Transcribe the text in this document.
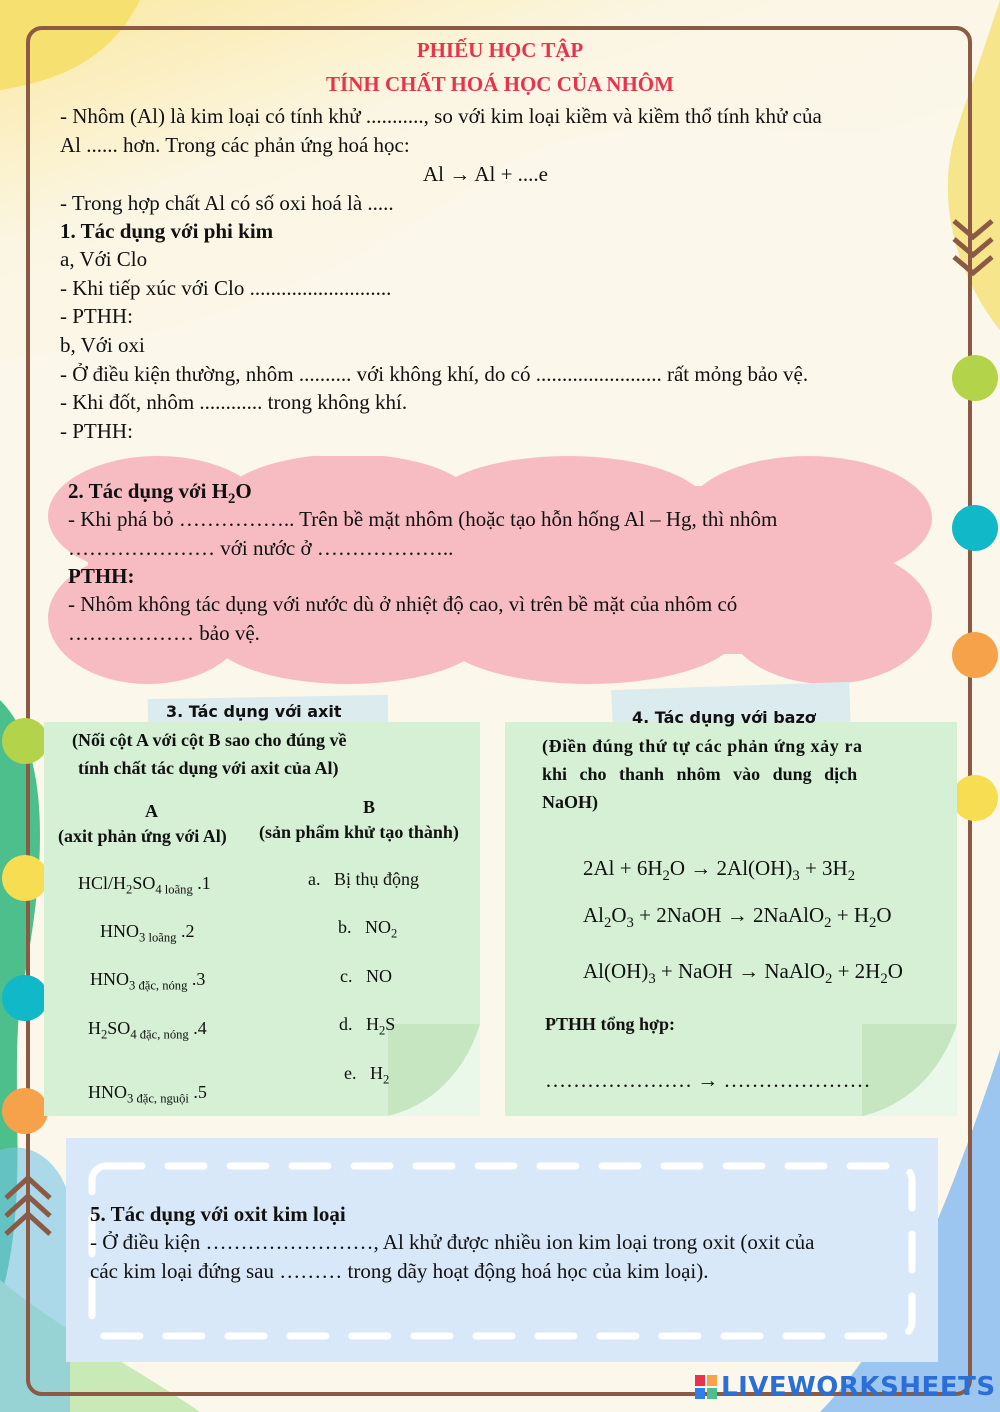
PHIẾU HỌC TẬP
TÍNH CHẤT HOÁ HỌC CỦA NHÔM
- Nhôm (Al) là kim loại có tính khử ..........., so với kim loại kiềm và kiềm thổ tính khử của
Al ...... hơn. Trong các phản ứng hoá học:
Al → Al + ....e
- Trong hợp chất Al có số oxi hoá là .....
1. Tác dụng với phi kim
a, Với Clo
- Khi tiếp xúc với Clo ...........................
- PTHH:
b, Với oxi
- Ở điều kiện thường, nhôm .......... với không khí, do có ........................ rất mỏng bảo vệ.
- Khi đốt, nhôm ............ trong không khí.
- PTHH:
2. Tác dụng với $H_2O$
- Khi phá bỏ …………….. Trên bề mặt nhôm (hoặc tạo hỗn hống Al – Hg, thì nhôm
………………… với nước ở ………………..
PTHH:
- Nhôm không tác dụng với nước dù ở nhiệt độ cao, vì trên bề mặt của nhôm có
……………… bảo vệ.
3. Tác dụng với axit
(Nối cột A với cột B sao cho đúng về
tính chất tác dụng với axit của Al)
A
(axit phản ứng với Al)
B
(sản phẩm khử tạo thành)
HCl/$H_2SO_{4 loãng}$ .1
$HNO_{3 loãng}$ .2
$HNO_{3 đặc, nóng}$ .3
$H_2SO_{4 đặc, nóng}$ .4
$HNO_{3 đặc, nguội}$ .5
a. Bị thụ động
b. $NO_2$
c. NO
d. $H_2S$
e. $H_2$
4. Tác dụng với bazơ
(Điền đúng thứ tự các phản ứng xảy ra
khi cho thanh nhôm vào dung dịch
NaOH)
$2Al + 6H_2O \to 2Al(OH)_3 + 3H_2$
$Al_2O_3$ + 2NaOH → 2NaAlO$_2$ + $H_2O$
$Al(OH)_3$ + NaOH → NaAlO$_2$ + $2H_2O$
PTHH tổng hợp:
………………… → …………………
5. Tác dụng với oxit kim loại
- Ở điều kiện ……………………, Al khử được nhiều ion kim loại trong oxit (oxit của
các kim loại đứng sau ……… trong dãy hoạt động hoá học của kim loại).
LIVEWORKSHEETS
